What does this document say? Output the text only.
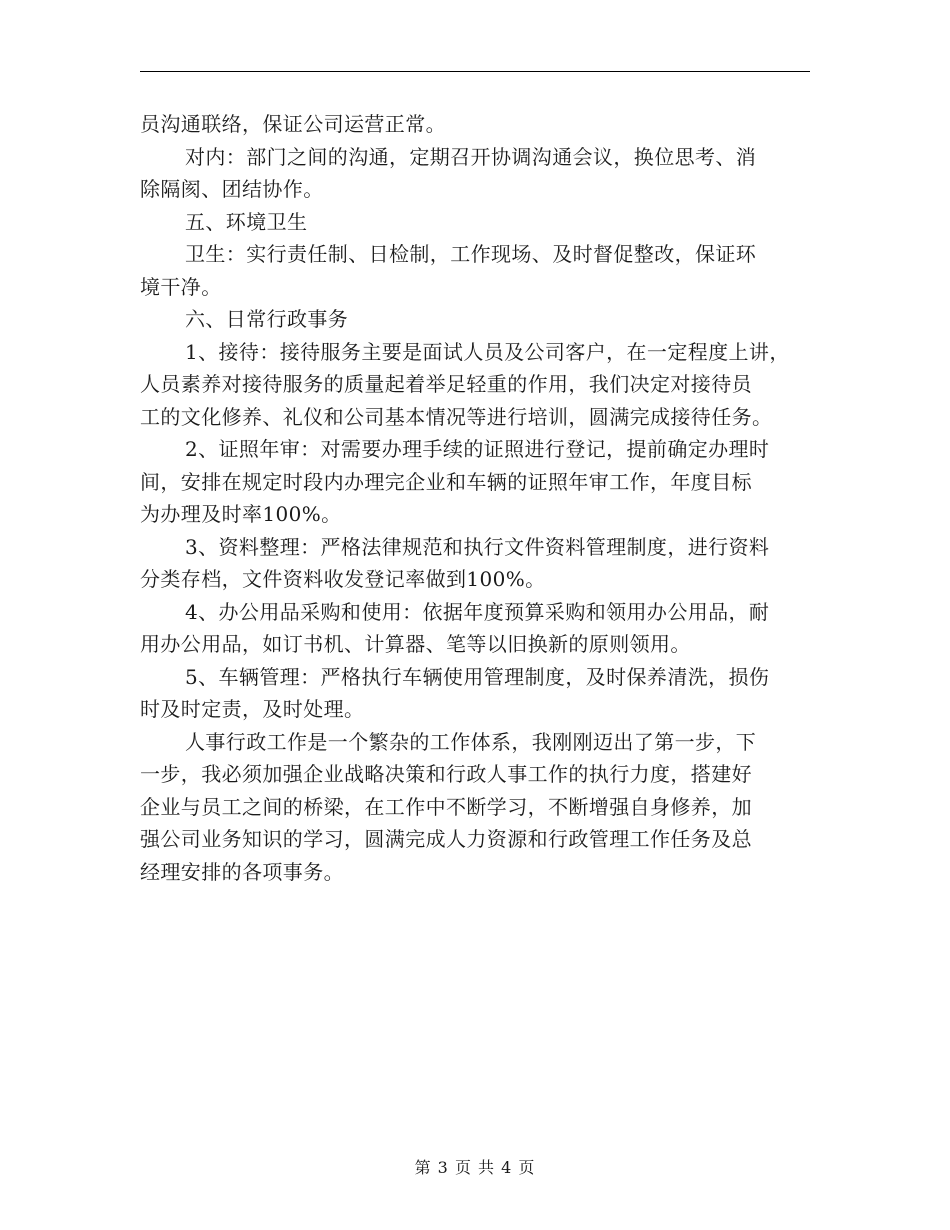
员沟通联络，保证公司运营正常。
对内：部门之间的沟通，定期召开协调沟通会议，换位思考、消
除隔阂、团结协作。
五、环境卫生
卫生：实行责任制、日检制，工作现场、及时督促整改，保证环
境干净。
六、日常行政事务
1、接待：接待服务主要是面试人员及公司客户，在一定程度上讲，
人员素养对接待服务的质量起着举足轻重的作用，我们决定对接待员
工的文化修养、礼仪和公司基本情况等进行培训，圆满完成接待任务。
2、证照年审：对需要办理手续的证照进行登记，提前确定办理时
间，安排在规定时段内办理完企业和车辆的证照年审工作，年度目标
为办理及时率100%。
3、资料整理：严格法律规范和执行文件资料管理制度，进行资料
分类存档，文件资料收发登记率做到100%。
4、办公用品采购和使用：依据年度预算采购和领用办公用品，耐
用办公用品，如订书机、计算器、笔等以旧换新的原则领用。
5、车辆管理：严格执行车辆使用管理制度，及时保养清洗，损伤
时及时定责，及时处理。
人事行政工作是一个繁杂的工作体系，我刚刚迈出了第一步，下
一步，我必须加强企业战略决策和行政人事工作的执行力度，搭建好
企业与员工之间的桥梁，在工作中不断学习，不断增强自身修养，加
强公司业务知识的学习，圆满完成人力资源和行政管理工作任务及总
经理安排的各项事务。
第 3 页 共 4 页
